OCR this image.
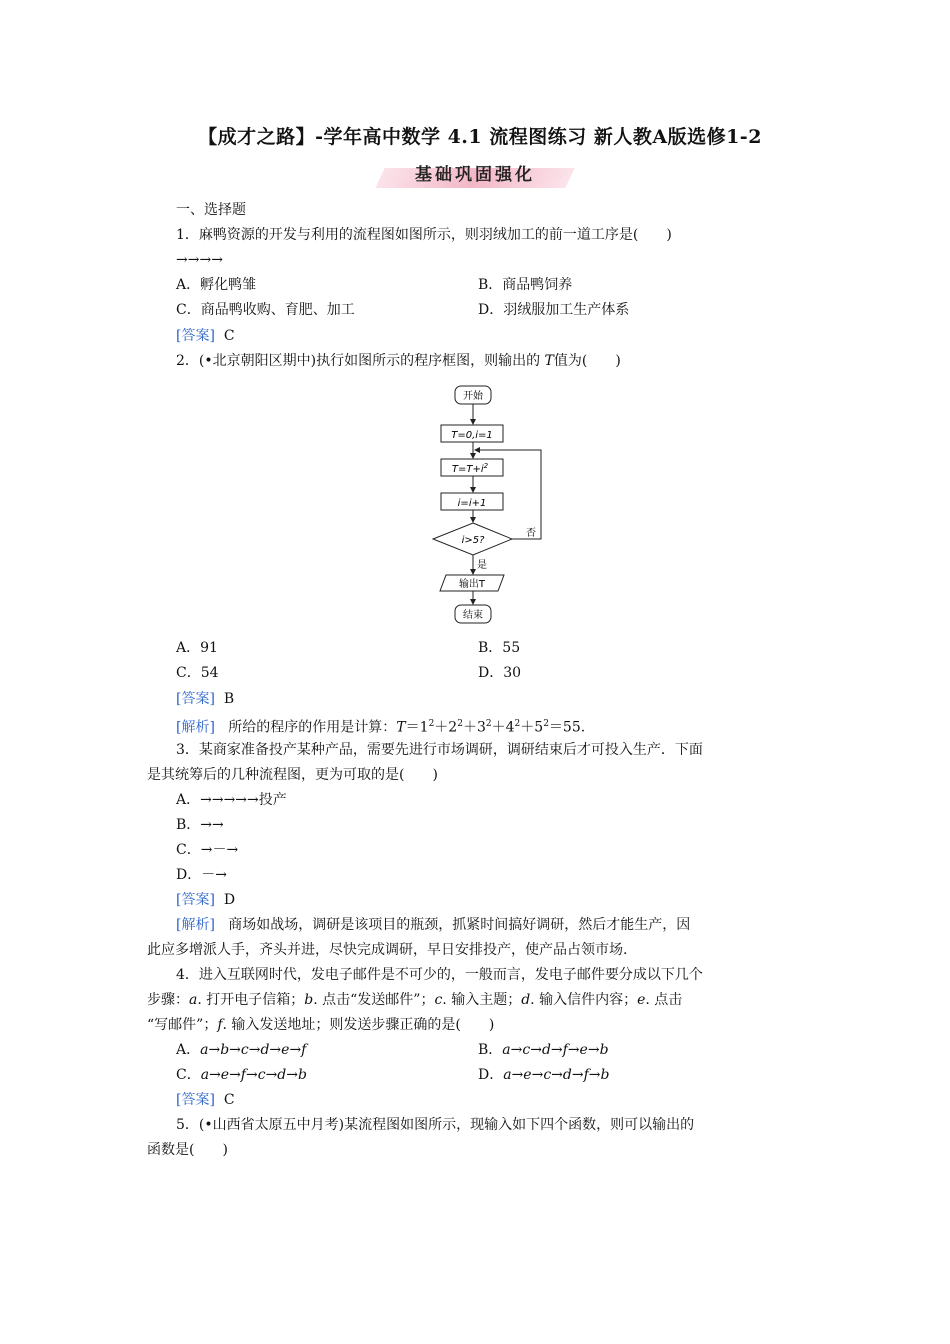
【成才之路】-学年高中数学 4.1 流程图练习 新人教A版选修1-2
基础巩固强化
一、选择题
1．麻鸭资源的开发与利用的流程图如图所示，则羽绒加工的前一道工序是(　　)
→→→→
A．孵化鸭雏	B．商品鸭饲养
C．商品鸭收购、育肥、加工	D．羽绒服加工生产体系
[答案] C
2．(•北京朝阳区期中)执行如图所示的程序框图，则输出的 T值为(　　)
开始
T=0,i=1
$T=T+i^2$
i=i+1
i>5?
否
是
输出T
结束
A．91	B．55
C．54	D．30
[答案] B
[解析] 所给的程序的作用是计算：$T=1^2+2^2+3^2+4^2+5^2=55$.
3．某商家准备投产某种产品，需要先进行市场调研，调研结束后才可投入生产．下面
是其统筹后的几种流程图，更为可取的是(　　)
A．→→→→→投产
B．→→
C．→－→
D．－→
[答案] D
[解析] 商场如战场，调研是该项目的瓶颈，抓紧时间搞好调研，然后才能生产，因
此应多增派人手，齐头并进，尽快完成调研，早日安排投产，使产品占领市场.
4．进入互联网时代，发电子邮件是不可少的，一般而言，发电子邮件要分成以下几个
步骤：a. 打开电子信箱；b. 点击“发送邮件”；c. 输入主题；d. 输入信件内容；e. 点击
“写邮件”；f. 输入发送地址；则发送步骤正确的是(　　)
A．a→b→c→d→e→f	B．a→c→d→f→e→b
C．a→e→f→c→d→b	D．a→e→c→d→f→b
[答案] C
5．(•山西省太原五中月考)某流程图如图所示，现输入如下四个函数，则可以输出的
函数是(　　)
